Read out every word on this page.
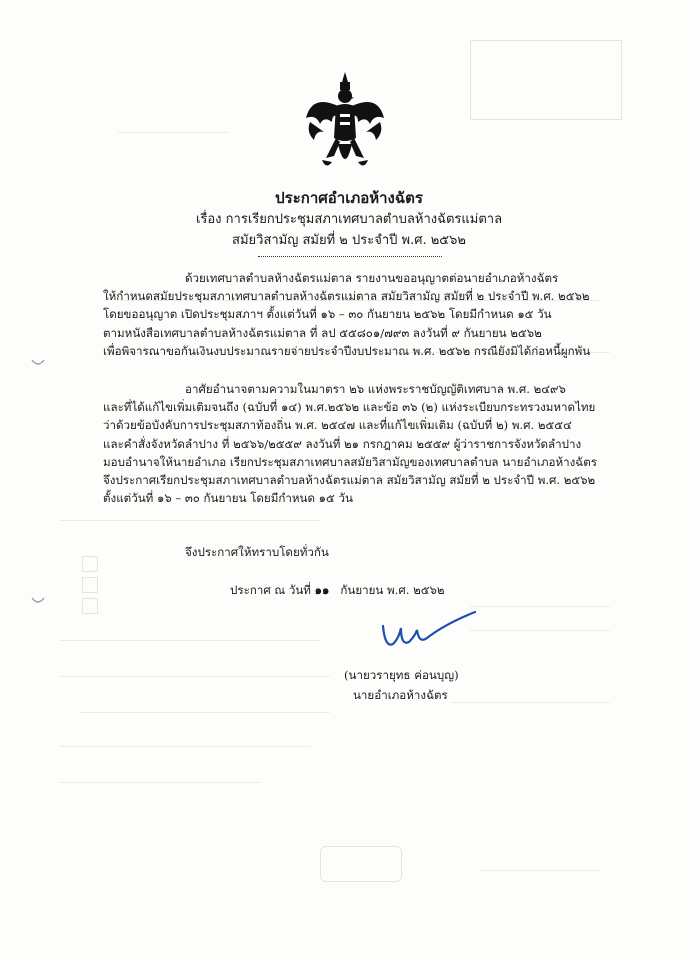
ประกาศอำเภอห้างฉัตร
เรื่อง การเรียกประชุมสภาเทศบาลตำบลห้างฉัตรแม่ตาล
สมัยวิสามัญ สมัยที่ ๒ ประจำปี พ.ศ. ๒๕๖๒
ด้วยเทศบาลตำบลห้างฉัตรแม่ตาล รายงานขออนุญาตต่อนายอำเภอห้างฉัตร
ให้กำหนดสมัยประชุมสภาเทศบาลตำบลห้างฉัตรแม่ตาล สมัยวิสามัญ สมัยที่ ๒ ประจำปี พ.ศ. ๒๕๖๒
โดยขออนุญาต เปิดประชุมสภาฯ ตั้งแต่วันที่ ๑๖ – ๓๐ กันยายน ๒๕๖๒ โดยมีกำหนด ๑๕ วัน
ตามหนังสือเทศบาลตำบลห้างฉัตรแม่ตาล ที่ ลป ๕๕๘๐๑/๗๙๓ ลงวันที่ ๙ กันยายน ๒๕๖๒
เพื่อพิจารณาขอกันเงินงบประมาณรายจ่ายประจำปีงบประมาณ พ.ศ. ๒๕๖๒ กรณียังมิได้ก่อหนี้ผูกพัน
อาศัยอำนาจตามความในมาตรา ๒๖ แห่งพระราชบัญญัติเทศบาล พ.ศ. ๒๔๙๖
และที่ได้แก้ไขเพิ่มเติมจนถึง (ฉบับที่ ๑๔) พ.ศ.๒๕๖๒ และข้อ ๓๖ (๒) แห่งระเบียบกระทรวงมหาดไทย
ว่าด้วยข้อบังคับการประชุมสภาท้องถิ่น พ.ศ. ๒๕๔๗ และที่แก้ไขเพิ่มเติม (ฉบับที่ ๒) พ.ศ. ๒๕๕๔
และคำสั่งจังหวัดลำปาง ที่ ๒๕๖๖/๒๕๕๙ ลงวันที่ ๒๑ กรกฎาคม ๒๕๕๙ ผู้ว่าราชการจังหวัดลำปาง
มอบอำนาจให้นายอำเภอ เรียกประชุมสภาเทศบาลสมัยวิสามัญของเทศบาลตำบล นายอำเภอห้างฉัตร
จึงประกาศเรียกประชุมสภาเทศบาลตำบลห้างฉัตรแม่ตาล สมัยวิสามัญ สมัยที่ ๒ ประจำปี พ.ศ. ๒๕๖๒
ตั้งแต่วันที่ ๑๖ – ๓๐ กันยายน โดยมีกำหนด ๑๕ วัน
จึงประกาศให้ทราบโดยทั่วกัน
ประกาศ ณ วันที่ ๑๑ กันยายน พ.ศ. ๒๕๖๒
(นายวรายุทธ ค่อนบุญ)
นายอำเภอห้างฉัตร
